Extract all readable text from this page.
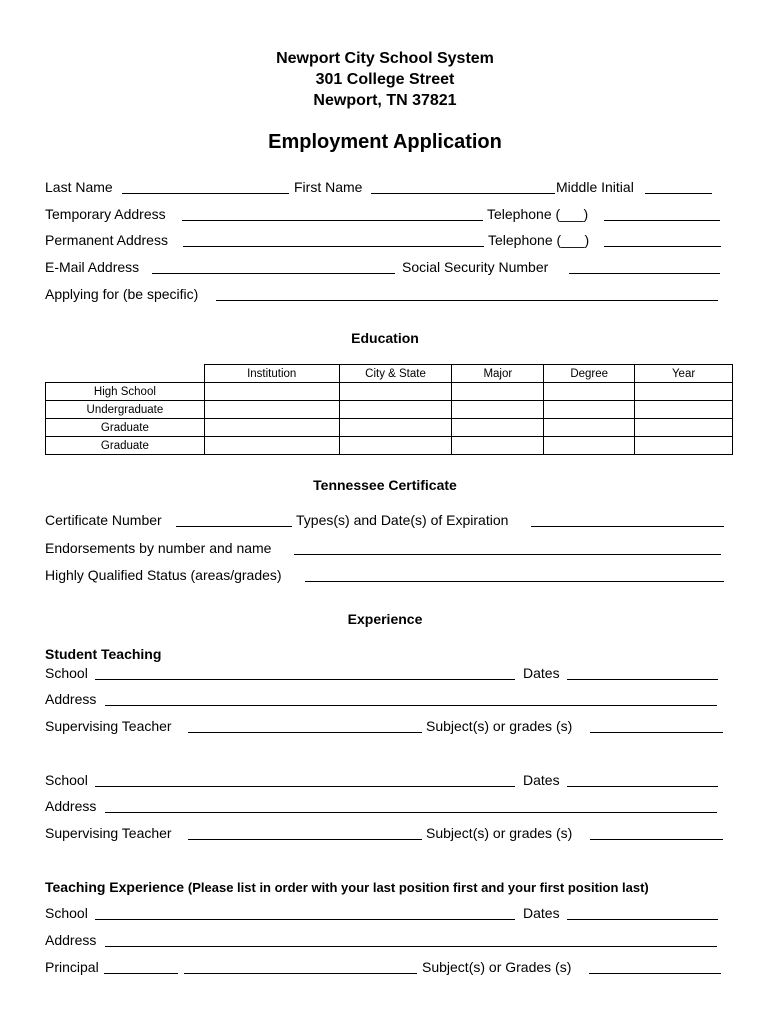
Newport City School System
301 College Street
Newport, TN 37821
Employment Application
Last Name	First Name	Middle Initial
Temporary Address	Telephone (___)
Permanent Address	Telephone (___)
E-Mail Address	Social Security Number
Applying for (be specific)
Education
	Institution	City & State	Major	Degree	Year
High School					
Undergraduate					
Graduate					
Graduate					
Tennessee Certificate
Certificate Number	Types(s) and Date(s) of Expiration
Endorsements by number and name
Highly Qualified Status (areas/grades)
Experience
Student Teaching
School	Dates
Address
Supervising Teacher	Subject(s) or grades (s)
School	Dates
Address
Supervising Teacher	Subject(s) or grades (s)
Teaching Experience (Please list in order with your last position first and your first position last)
School	Dates
Address
Principal	Subject(s) or Grades (s)
